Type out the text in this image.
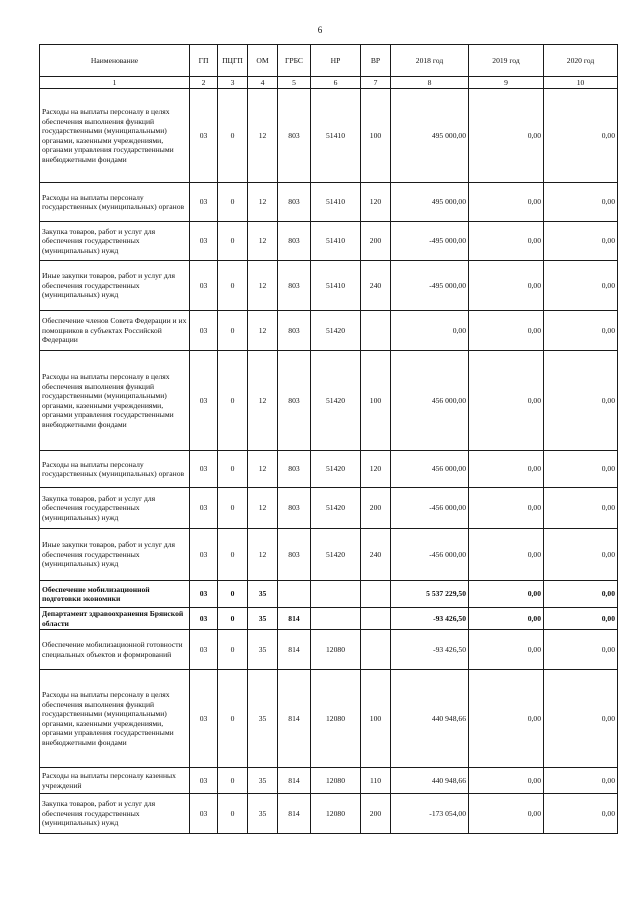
6
Наименование	ГП	ПЦГП	ОМ	ГРБС	НР	ВР	2018 год	2019 год	2020 год
1	2	3	4	5	6	7	8	9	10
Расходы на выплаты персоналу в целях обеспечения выполнения функций государственными (муниципальными) органами, казенными учреждениями, органами управления государственными внебюджетными фондами	03	0	12	803	51410	100	495 000,00	0,00	0,00
Расходы на выплаты персоналу государственных (муниципальных) органов	03	0	12	803	51410	120	495 000,00	0,00	0,00
Закупка товаров, работ и услуг для обеспечения государственных (муниципальных) нужд	03	0	12	803	51410	200	-495 000,00	0,00	0,00
Иные закупки товаров, работ и услуг для обеспечения государственных (муниципальных) нужд	03	0	12	803	51410	240	-495 000,00	0,00	0,00
Обеспечение членов Совета Федерации и их помощников в субъектах Российской Федерации	03	0	12	803	51420		0,00	0,00	0,00
Расходы на выплаты персоналу в целях обеспечения выполнения функций государственными (муниципальными) органами, казенными учреждениями, органами управления государственными внебюджетными фондами	03	0	12	803	51420	100	456 000,00	0,00	0,00
Расходы на выплаты персоналу государственных (муниципальных) органов	03	0	12	803	51420	120	456 000,00	0,00	0,00
Закупка товаров, работ и услуг для обеспечения государственных (муниципальных) нужд	03	0	12	803	51420	200	-456 000,00	0,00	0,00
Иные закупки товаров, работ и услуг для обеспечения государственных (муниципальных) нужд	03	0	12	803	51420	240	-456 000,00	0,00	0,00
Обеспечение мобилизационной подготовки экономики	03	0	35				5 537 229,50	0,00	0,00
Департамент здравоохранения Брянской области	03	0	35	814			-93 426,50	0,00	0,00
Обеспечение мобилизационной готовности специальных объектов и формирований	03	0	35	814	12080		-93 426,50	0,00	0,00
Расходы на выплаты персоналу в целях обеспечения выполнения функций государственными (муниципальными) органами, казенными учреждениями, органами управления государственными внебюджетными фондами	03	0	35	814	12080	100	440 948,66	0,00	0,00
Расходы на выплаты персоналу казенных учреждений	03	0	35	814	12080	110	440 948,66	0,00	0,00
Закупка товаров, работ и услуг для обеспечения государственных (муниципальных) нужд	03	0	35	814	12080	200	-173 054,00	0,00	0,00
